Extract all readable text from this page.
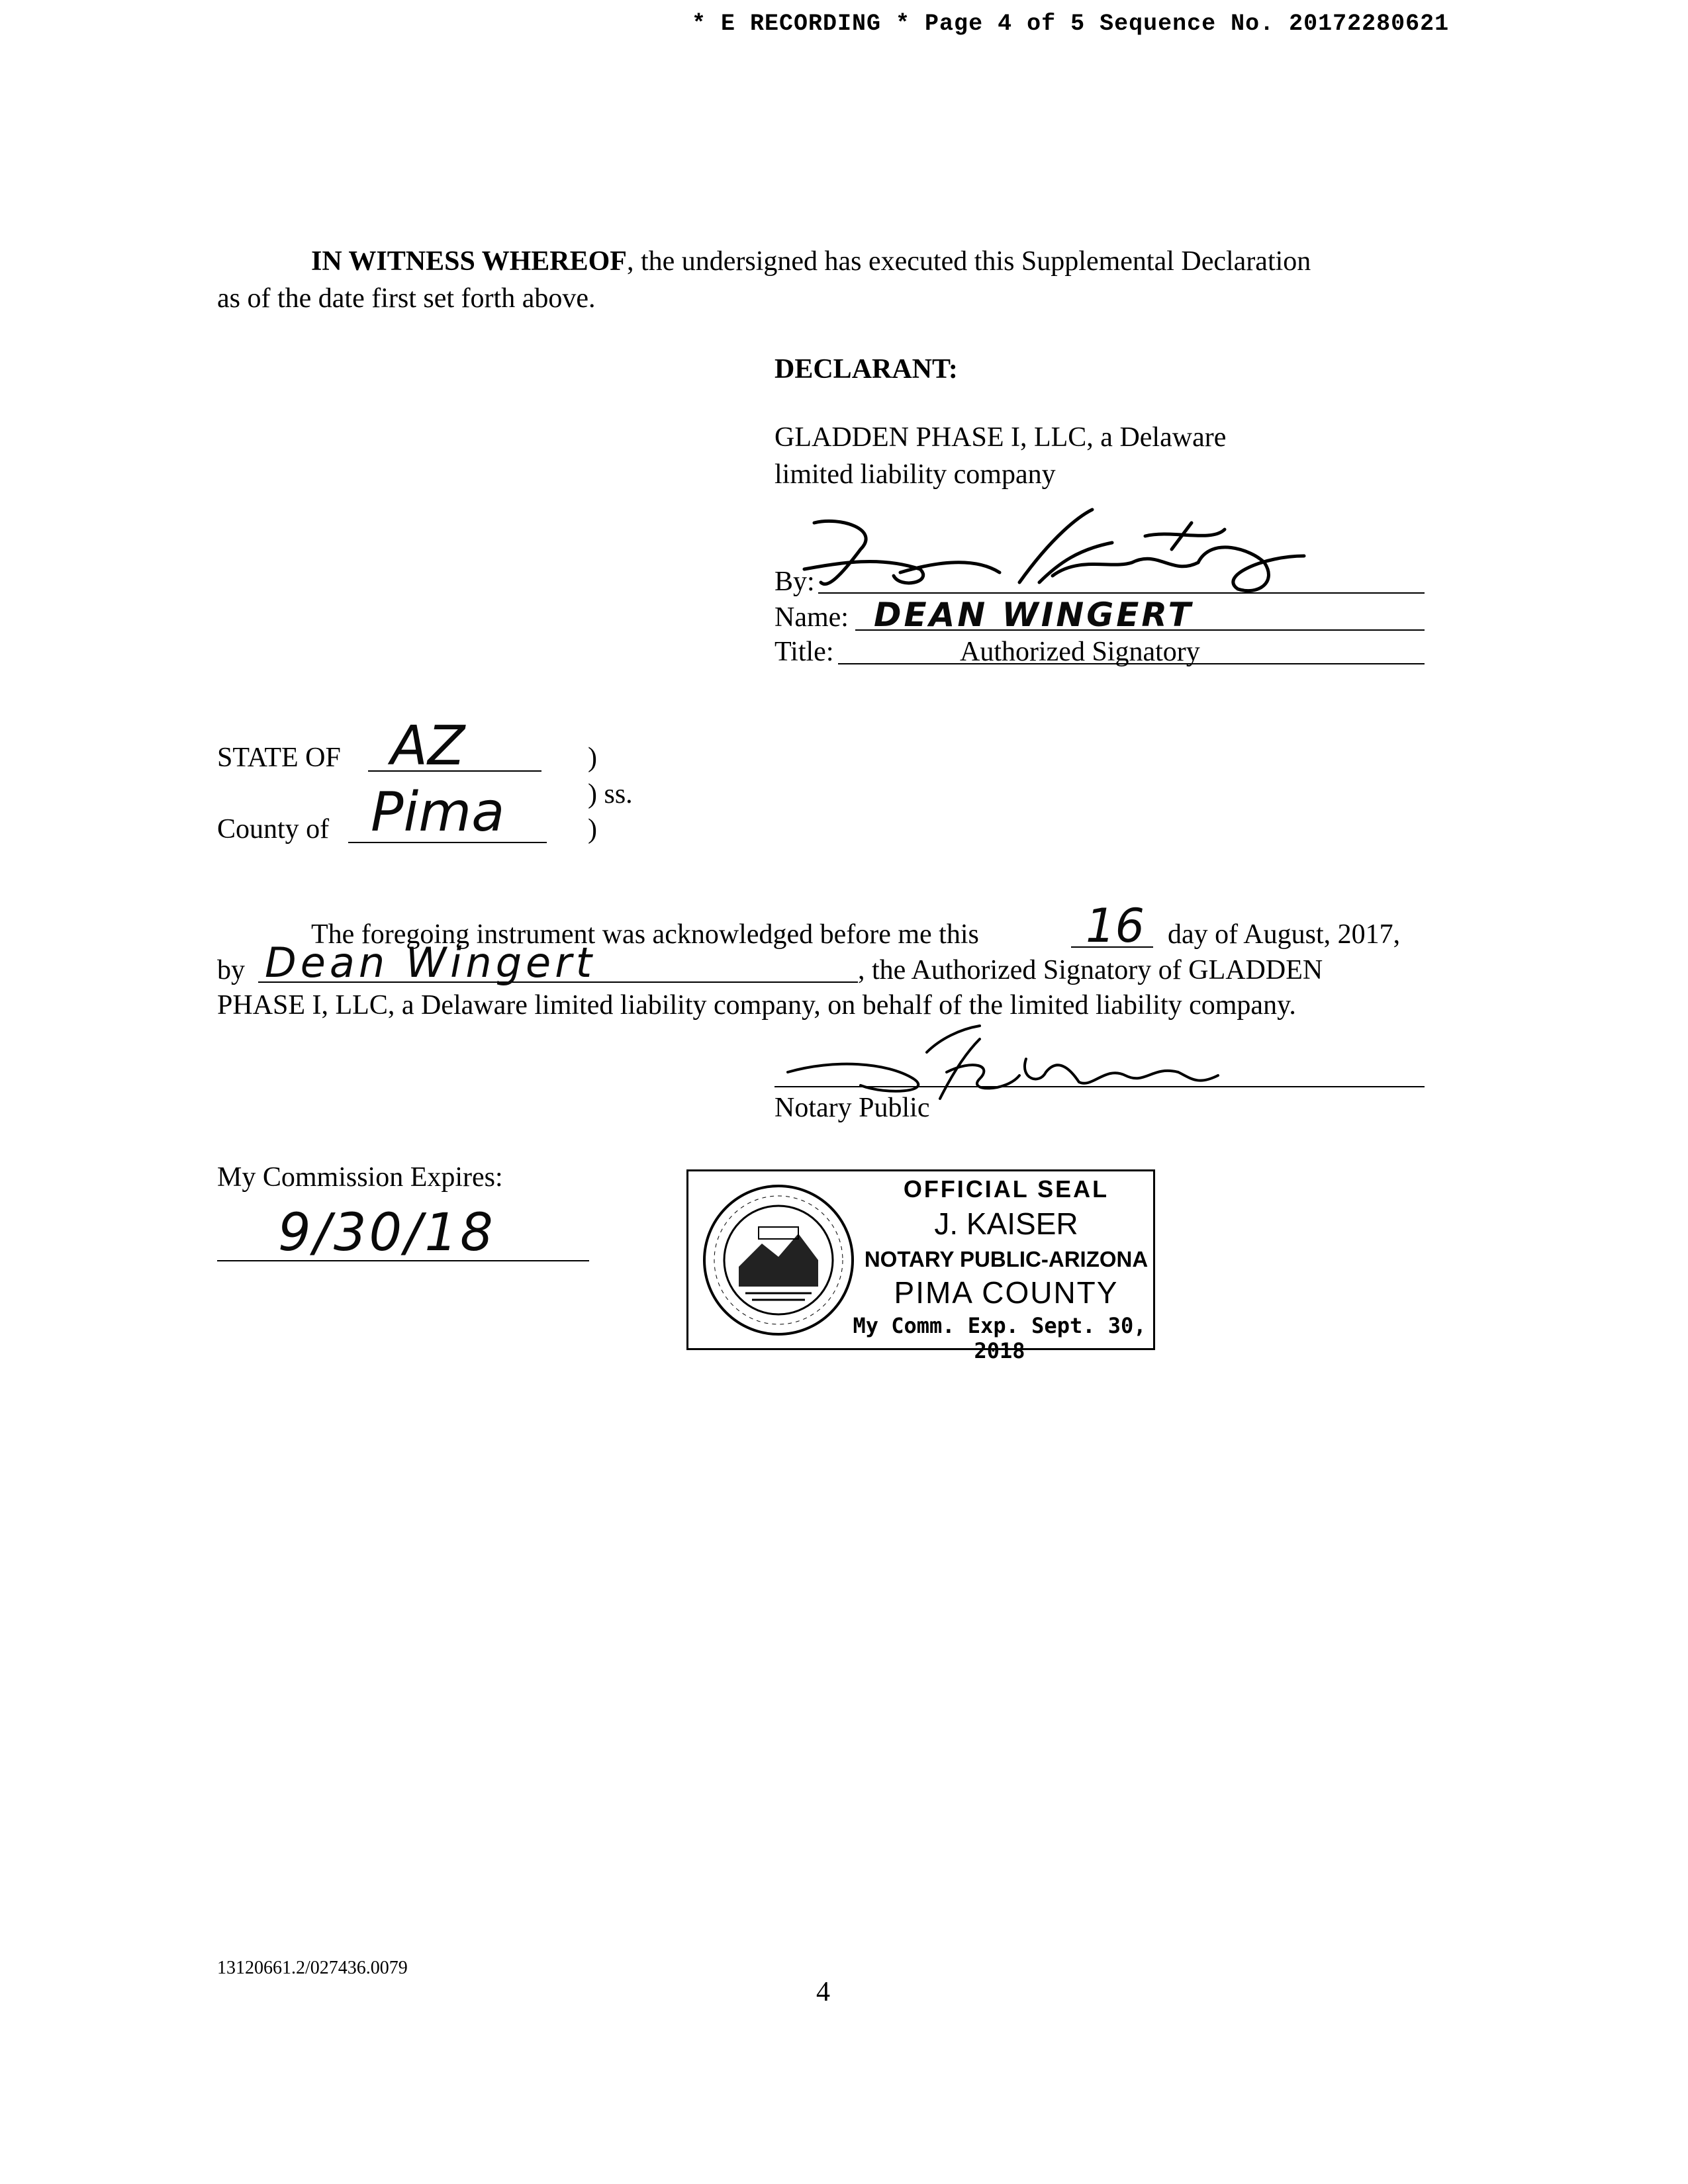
* E RECORDING * Page 4 of 5 Sequence No. 20172280621
IN WITNESS WHEREOF, the undersigned has executed this Supplemental Declaration
as of the date first set forth above.
DECLARANT:
GLADDEN PHASE I, LLC, a Delaware
limited liability company
By:
Name: DEAN WINGERT
Title:	Authorized Signatory
STATE OF AZ	)
) ss.
County of Pima	)
The foregoing instrument was acknowledged before me this 16 day of August, 2017,
by Dean Wingert	, the Authorized Signatory of GLADDEN
PHASE I, LLC, a Delaware limited liability company, on behalf of the limited liability company.
Notary Public
My Commission Expires:
9/30/18
OFFICIAL SEAL
J. KAISER
NOTARY PUBLIC-ARIZONA
PIMA COUNTY
My Comm. Exp. Sept. 30, 2018
13120661.2/027436.0079
4
